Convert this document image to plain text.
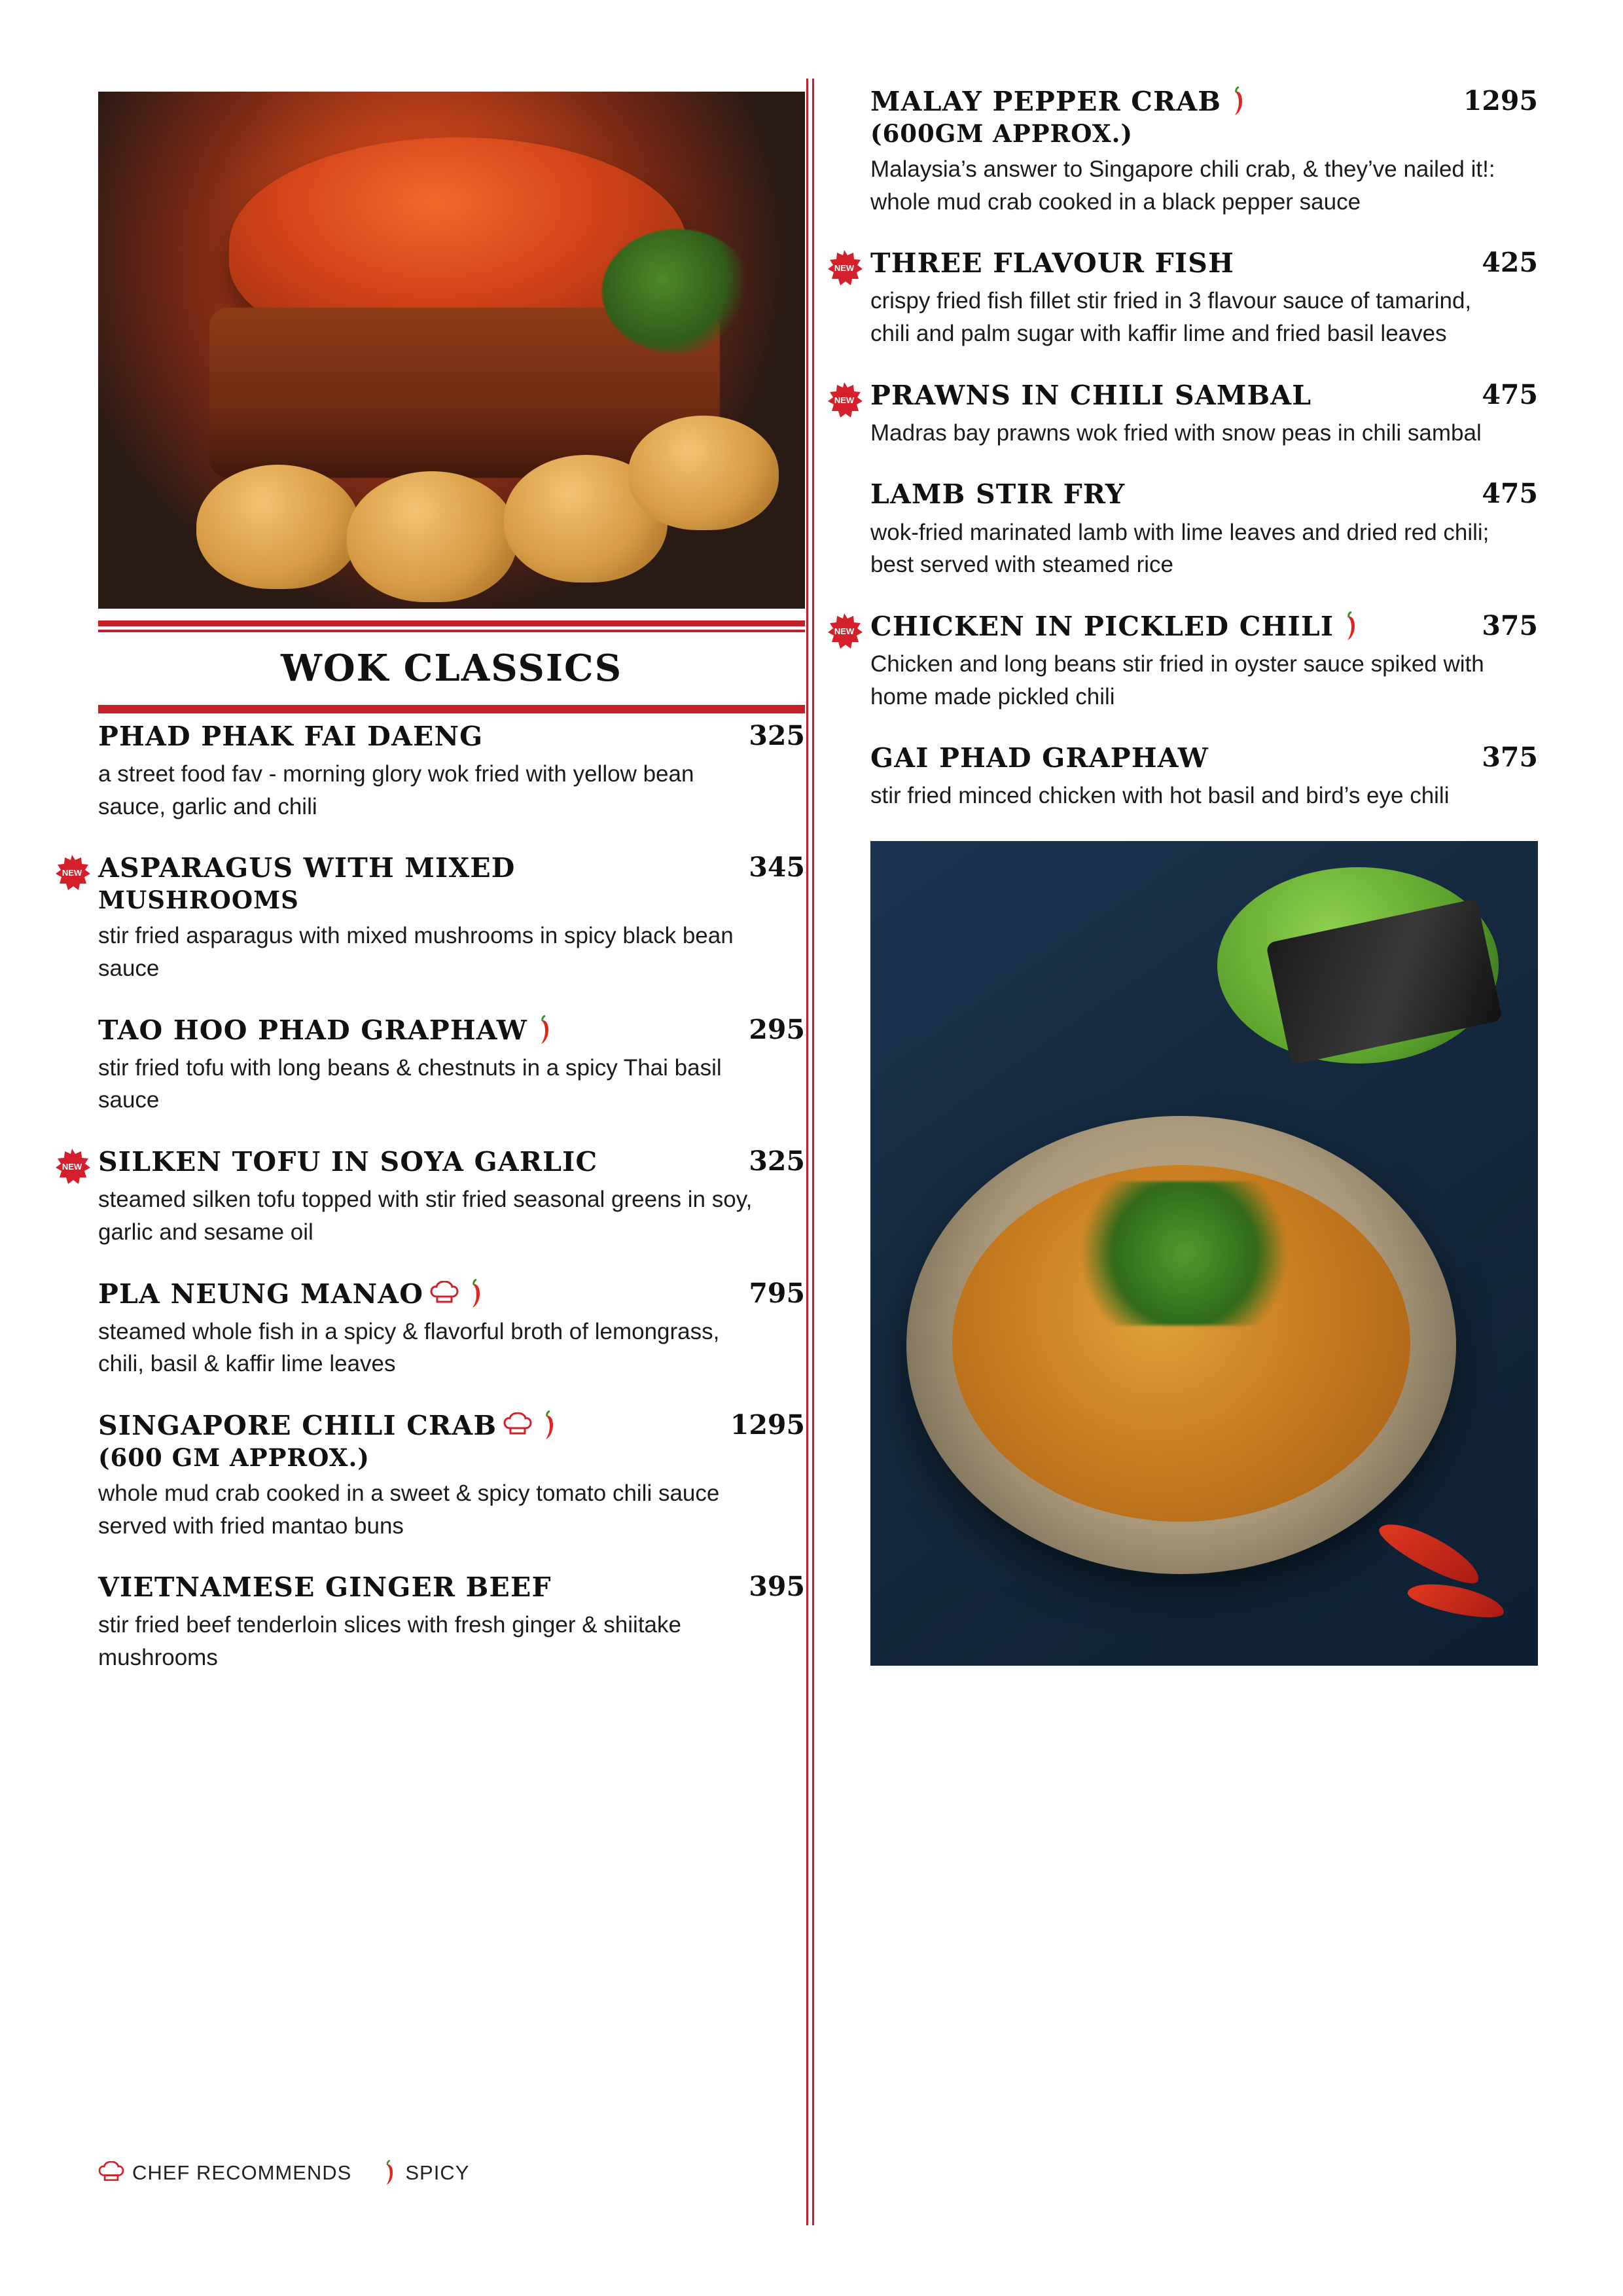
WOK CLASSICS
PHAD PHAK FAI DAENG	325
a street food fav - morning glory wok fried with yellow bean sauce, garlic and chili
NEW ASPARAGUS WITH MIXED	345
MUSHROOMS
stir fried asparagus with mixed mushrooms in spicy black bean sauce
TAO HOO PHAD GRAPHAW	295
stir fried tofu with long beans & chestnuts in a spicy Thai basil sauce
NEW SILKEN TOFU IN SOYA GARLIC	325
steamed silken tofu topped with stir fried seasonal greens in soy, garlic and sesame oil
PLA NEUNG MANAO	795
steamed whole fish in a spicy & flavorful broth of lemongrass, chili, basil & kaffir lime leaves
SINGAPORE CHILI CRAB	1295
(600 GM APPROX.)
whole mud crab cooked in a sweet & spicy tomato chili sauce served with fried mantao buns
VIETNAMESE GINGER BEEF	395
stir fried beef tenderloin slices with fresh ginger & shiitake mushrooms
MALAY PEPPER CRAB	1295
(600GM APPROX.)
Malaysia’s answer to Singapore chili crab, & they’ve nailed it!: whole mud crab cooked in a black pepper sauce
NEW THREE FLAVOUR FISH	425
crispy fried fish fillet stir fried in 3 flavour sauce of tamarind, chili and palm sugar with kaffir lime and fried basil leaves
NEW PRAWNS IN CHILI SAMBAL	475
Madras bay prawns wok fried with snow peas in chili sambal
LAMB STIR FRY	475
wok-fried marinated lamb with lime leaves and dried red chili; best served with steamed rice
NEW CHICKEN IN PICKLED CHILI	375
Chicken and long beans stir fried in oyster sauce spiked with home made pickled chili
GAI PHAD GRAPHAW	375
stir fried minced chicken with hot basil and bird’s eye chili
CHEF RECOMMENDS	SPICY
